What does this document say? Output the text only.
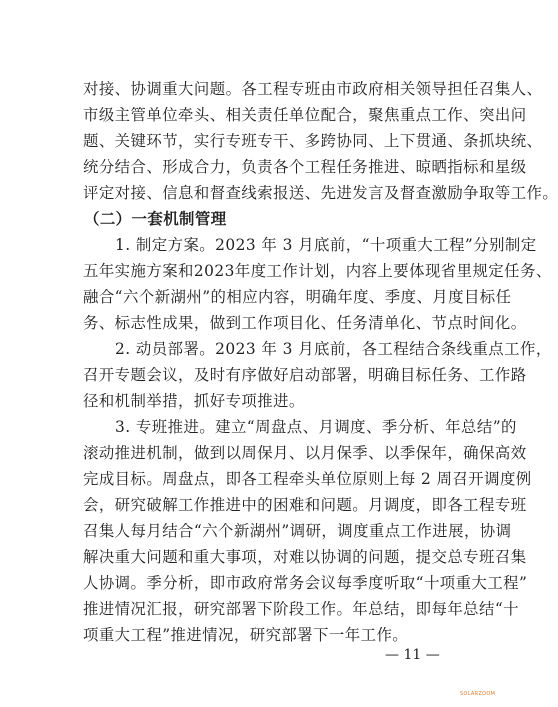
对接、协调重大问题。各工程专班由市政府相关领导担任召集人、
市级主管单位牵头、相关责任单位配合，聚焦重点工作、突出问
题、关键环节，实行专班专干、多跨协同、上下贯通、条抓块统、
统分结合、形成合力，负责各个工程任务推进、晾晒指标和星级
评定对接、信息和督查线索报送、先进发言及督查激励争取等工作。
（二）一套机制管理
1. 制定方案。2023 年 3 月底前，“十项重大工程”分别制定
五年实施方案和2023年度工作计划，内容上要体现省里规定任务、
融合“六个新湖州”的相应内容，明确年度、季度、月度目标任
务、标志性成果，做到工作项目化、任务清单化、节点时间化。
2. 动员部署。2023 年 3 月底前，各工程结合条线重点工作，
召开专题会议，及时有序做好启动部署，明确目标任务、工作路
径和机制举措，抓好专项推进。
3. 专班推进。建立“周盘点、月调度、季分析、年总结”的
滚动推进机制，做到以周保月、以月保季、以季保年，确保高效
完成目标。周盘点，即各工程牵头单位原则上每 2 周召开调度例
会，研究破解工作推进中的困难和问题。月调度，即各工程专班
召集人每月结合“六个新湖州”调研，调度重点工作进展，协调
解决重大问题和重大事项，对难以协调的问题，提交总专班召集
人协调。季分析，即市政府常务会议每季度听取“十项重大工程”
推进情况汇报，研究部署下阶段工作。年总结，即每年总结“十
项重大工程”推进情况，研究部署下一年工作。
— 11 —
SOLARZOOM
